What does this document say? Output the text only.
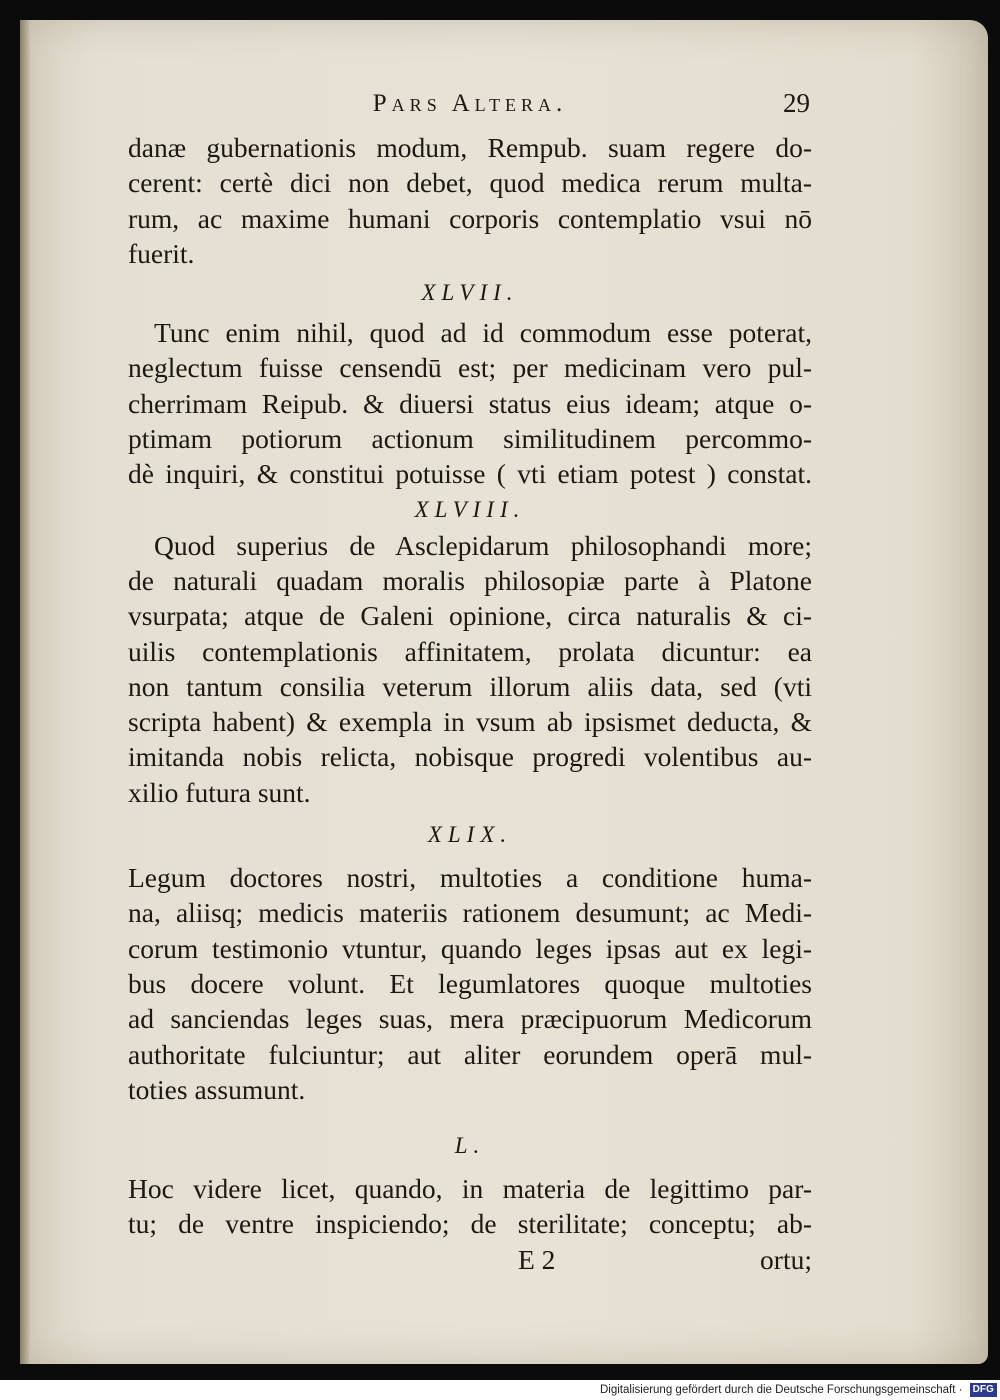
Pars Altera.	29

danæ gubernationis modum, Rempub. suam regere do-
cerent: certè dici non debet, quod medica rerum multa-
rum, ac maxime humani corporis contemplatio vsui nō
fuerit.

XLVII.

Tunc enim nihil, quod ad id commodum esse poterat,
neglectum fuisse censendū est; per medicinam vero pul-
cherrimam Reipub. & diuersi status eius ideam; atque o-
ptimam potiorum actionum similitudinem percommo-
dè inquiri, & constitui potuisse ( vti etiam potest ) constat.

XLVIII.

Quod superius de Asclepidarum philosophandi more;
de naturali quadam moralis philosopiæ parte à Platone
vsurpata; atque de Galeni opinione, circa naturalis & ci-
uilis contemplationis affinitatem, prolata dicuntur: ea
non tantum consilia veterum illorum aliis data, sed (vti
scripta habent) & exempla in vsum ab ipsismet deducta, &
imitanda nobis relicta, nobisque progredi volentibus au-
xilio futura sunt.

XLIX.

Legum doctores nostri, multoties a conditione huma-
na, aliisq; medicis materiis rationem desumunt; ac Medi-
corum testimonio vtuntur, quando leges ipsas aut ex legi-
bus docere volunt. Et legumlatores quoque multoties
ad sanciendas leges suas, mera præcipuorum Medicorum
authoritate fulciuntur; aut aliter eorundem operā mul-
toties assumunt.

L.

Hoc videre licet, quando, in materia de legittimo par-
tu; de ventre inspiciendo; de sterilitate; conceptu; ab-

E 2	ortu;
Digitalisierung gefördert durch die Deutsche Forschungsgemeinschaft · DFG
